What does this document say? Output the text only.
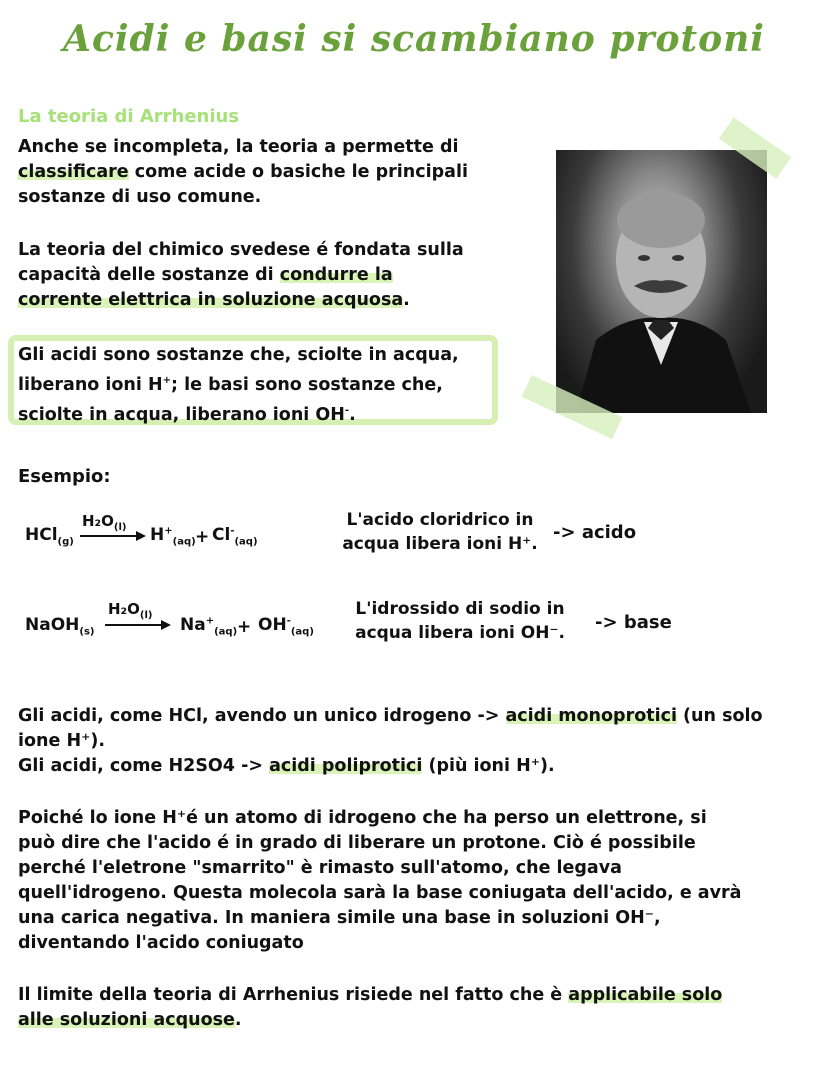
Acidi e basi si scambiano protoni
La teoria di Arrhenius
Anche se incompleta, la teoria a permette di
classificare come acide o basiche le principali
sostanze di uso comune.
La teoria del chimico svedese é fondata sulla
capacità delle sostanze di condurre la
corrente elettrica in soluzione acquosa.
Gli acidi sono sostanze che, sciolte in acqua,
liberano ioni H+; le basi sono sostanze che,
sciolte in acqua, liberano ioni OH-.
Esempio:
HCl$_{(g)}$
$H_2O_{(l)}$ $H^+_{(aq)} + Cl^-_{(aq)}$
L'acido cloridrico in
acqua libera ioni H⁺.
-> acido
NaOH$_{(s)}$
$H_2O_{(l)}$ $Na^+_{(aq)} + OH^-_{(aq)}$
L'idrossido di sodio in
acqua libera ioni OH⁻.	-> base
Gli acidi, come HCl, avendo un unico idrogeno -> acidi monoprotici (un solo
ione H⁺).
Gli acidi, come H2SO4 -> acidi poliprotici (più ioni H⁺).
Poiché lo ione H⁺é un atomo di idrogeno che ha perso un elettrone, si
può dire che l'acido é in grado di liberare un protone. Ciò é possibile
perché l'eletrone "smarrito" è rimasto sull'atomo, che legava
quell'idrogeno. Questa molecola sarà la base coniugata dell'acido, e avrà
una carica negativa. In maniera simile una base in soluzioni OH⁻,
diventando l'acido coniugato
Il limite della teoria di Arrhenius risiede nel fatto che è applicabile solo
alle soluzioni acquose.
